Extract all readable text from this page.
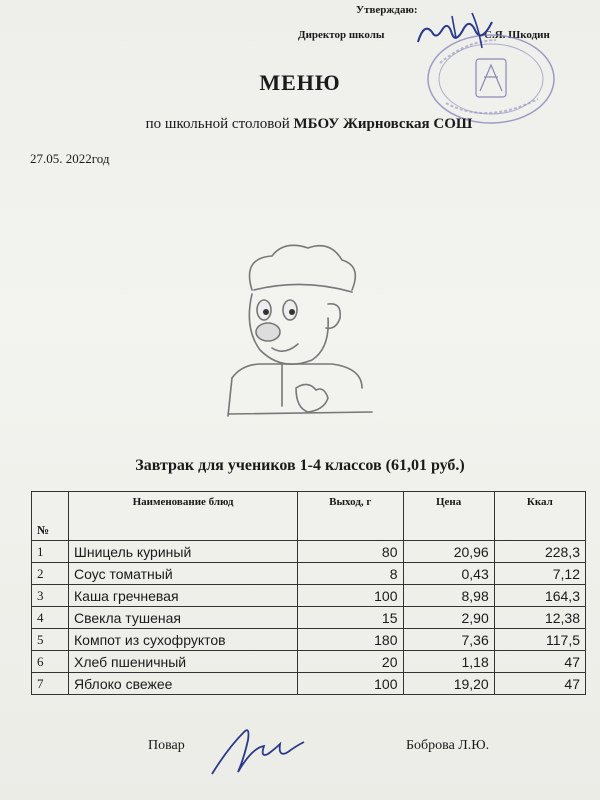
Утверждаю:
Директор школы	С.Я. Шкодин
МЕНЮ
по школьной столовой МБОУ Жирновская СОШ
27.05. 2022год
Завтрак для учеников 1-4 классов (61,01 руб.)
№	Наименование блюд	Выход, г	Цена	Ккал
1	Шницель куриный	80	20,96	228,3
2	Соус томатный	8	0,43	7,12
3	Каша гречневая	100	8,98	164,3
4	Свекла тушеная	15	2,90	12,38
5	Компот из сухофруктов	180	7,36	117,5
6	Хлеб пшеничный	20	1,18	47
7	Яблоко свежее	100	19,20	47
Повар	Боброва Л.Ю.
